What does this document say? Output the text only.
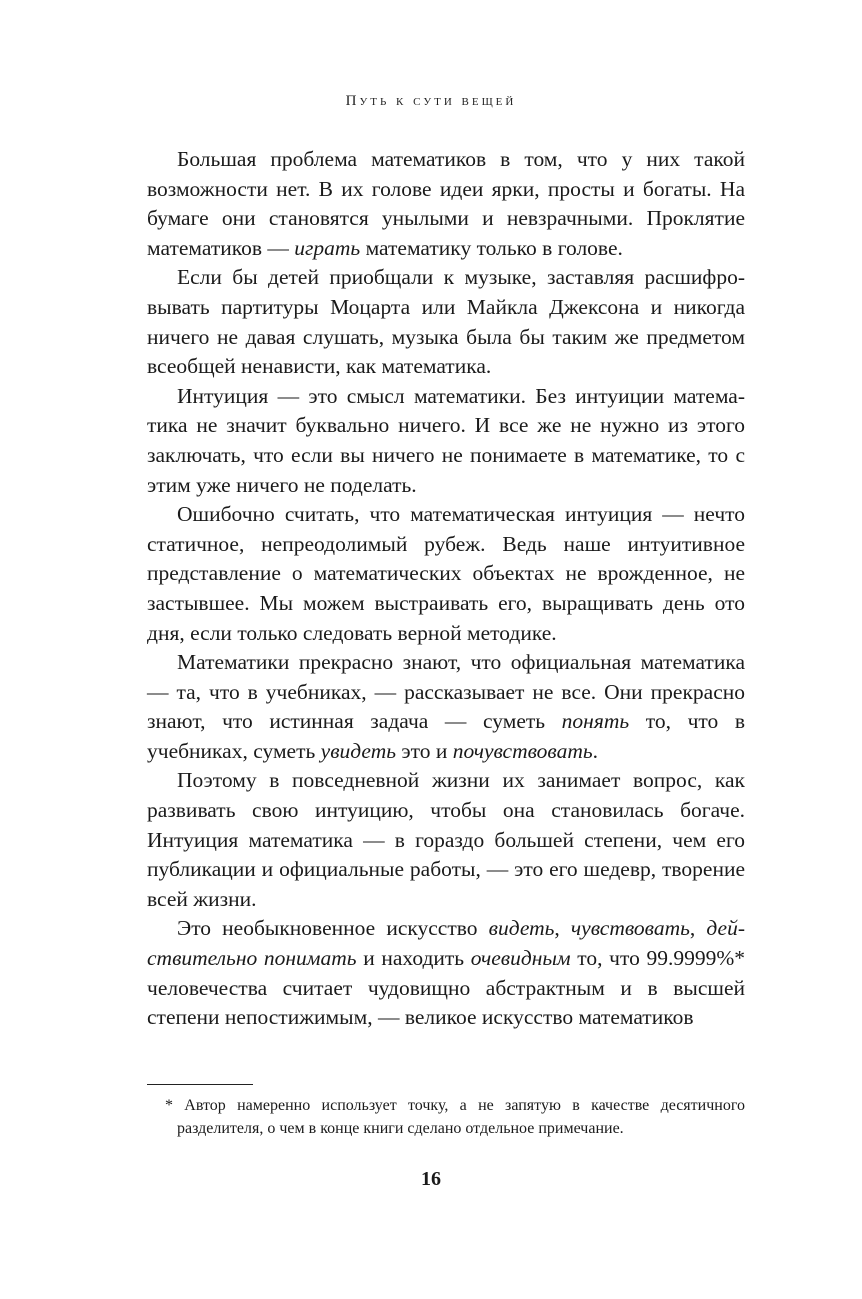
Путь к сути вещей

Большая проблема математиков в том, что у них такой возможности нет. В их голове идеи ярки, просты и богаты. На бумаге они становятся унылыми и невзрачными. Проклятие математиков — играть математику только в голове.

Если бы детей приобщали к музыке, заставляя расшифровывать партитуры Моцарта или Майкла Джексона и никогда ничего не давая слушать, музыка была бы таким же предметом всеобщей ненависти, как математика.

Интуиция — это смысл математики. Без интуиции математика не значит буквально ничего. И все же не нужно из этого заключать, что если вы ничего не понимаете в математике, то с этим уже ничего не поделать.

Ошибочно считать, что математическая интуиция — нечто статичное, непреодолимый рубеж. Ведь наше интуитивное представление о математических объектах не врожденное, не застывшее. Мы можем выстраивать его, выращивать день ото дня, если только следовать верной методике.

Математики прекрасно знают, что официальная математика — та, что в учебниках, — рассказывает не все. Они прекрасно знают, что истинная задача — суметь понять то, что в учебниках, суметь увидеть это и почувствовать.

Поэтому в повседневной жизни их занимает вопрос, как развивать свою интуицию, чтобы она становилась богаче. Интуиция математика — в гораздо большей степени, чем его публикации и официальные работы, — это его шедевр, творение всей жизни.

Это необыкновенное искусство видеть, чувствовать, действительно понимать и находить очевидным то, что 99.9999%* человечества считает чудовищно абстрактным и в высшей степени непостижимым, — великое искусство математиков

* Автор намеренно использует точку, а не запятую в качестве десятичного разделителя, о чем в конце книги сделано отдельное примечание.
16
